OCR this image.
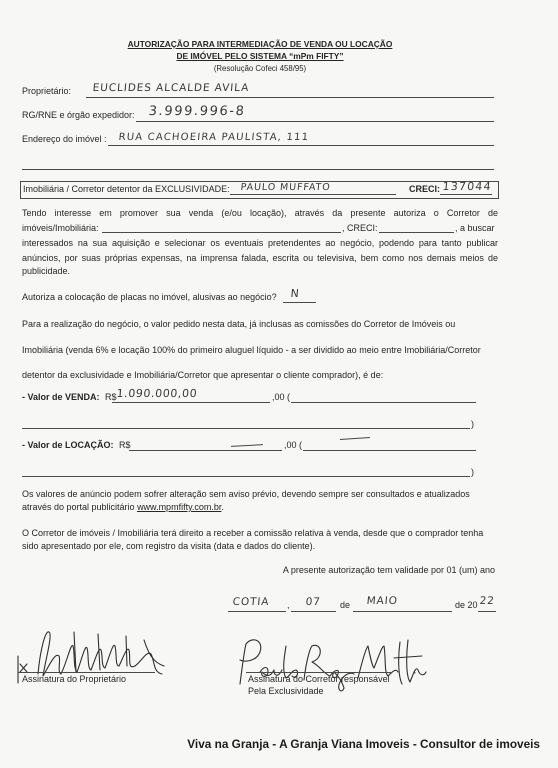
AUTORIZAÇÃO PARA INTERMEDIAÇÃO DE VENDA OU LOCAÇÃO
DE IMÓVEL PELO SISTEMA “mPm FIFTY”
(Resolução Cofeci 458/95)
Proprietário: EUCLIDES ALCALDE AVILA
RG/RNE e órgão expedidor: 3.999.996-8
Endereço do imóvel : RUA CACHOEIRA PAULISTA, 111
Imobiliária / Corretor detentor da EXCLUSIVIDADE: PAULO MUFFATO	CRECI: 137044
Tendo interesse em promover sua venda (e/ou locação), através da presente autoriza o Corretor de
imóveis/Imobiliária:	, CRECI:	, a buscar
interessados na sua aquisição e selecionar os eventuais pretendentes ao negócio, podendo para tanto publicar
anúncios, por suas próprias expensas, na imprensa falada, escrita ou televisiva, bem como nos demais meios de
publicidade.
Autoriza a colocação de placas no imóvel, alusivas ao negócio? N
Para a realização do negócio, o valor pedido nesta data, já inclusas as comissões do Corretor de Imóveis ou
Imobiliária (venda 6% e locação 100% do primeiro aluguel líquido - a ser dividido ao meio entre Imobiliária/Corretor
detentor da exclusividade e Imobiliária/Corretor que apresentar o cliente comprador), é de:
- Valor de VENDA: R$ 1.090.000,00	,00 (
)
- Valor de LOCAÇÃO: R$	,00 (
)
Os valores de anúncio podem sofrer alteração sem aviso prévio, devendo sempre ser consultados e atualizados
através do portal publicitário www.mpmfifty.com.br.
O Corretor de imóveis / Imobiliária terá direito a receber a comissão relativa à venda, desde que o comprador tenha
sido apresentado por ele, com registro da visita (data e dados do cliente).
A presente autorização tem validade por 01 (um) ano
COTIA , 07 de MAIO	de 20 22
Assinatura do Proprietário	Assinatura do Corretor responsável
Pela Exclusividade
Viva na Granja - A Granja Viana Imoveis - Consultor de imoveis
